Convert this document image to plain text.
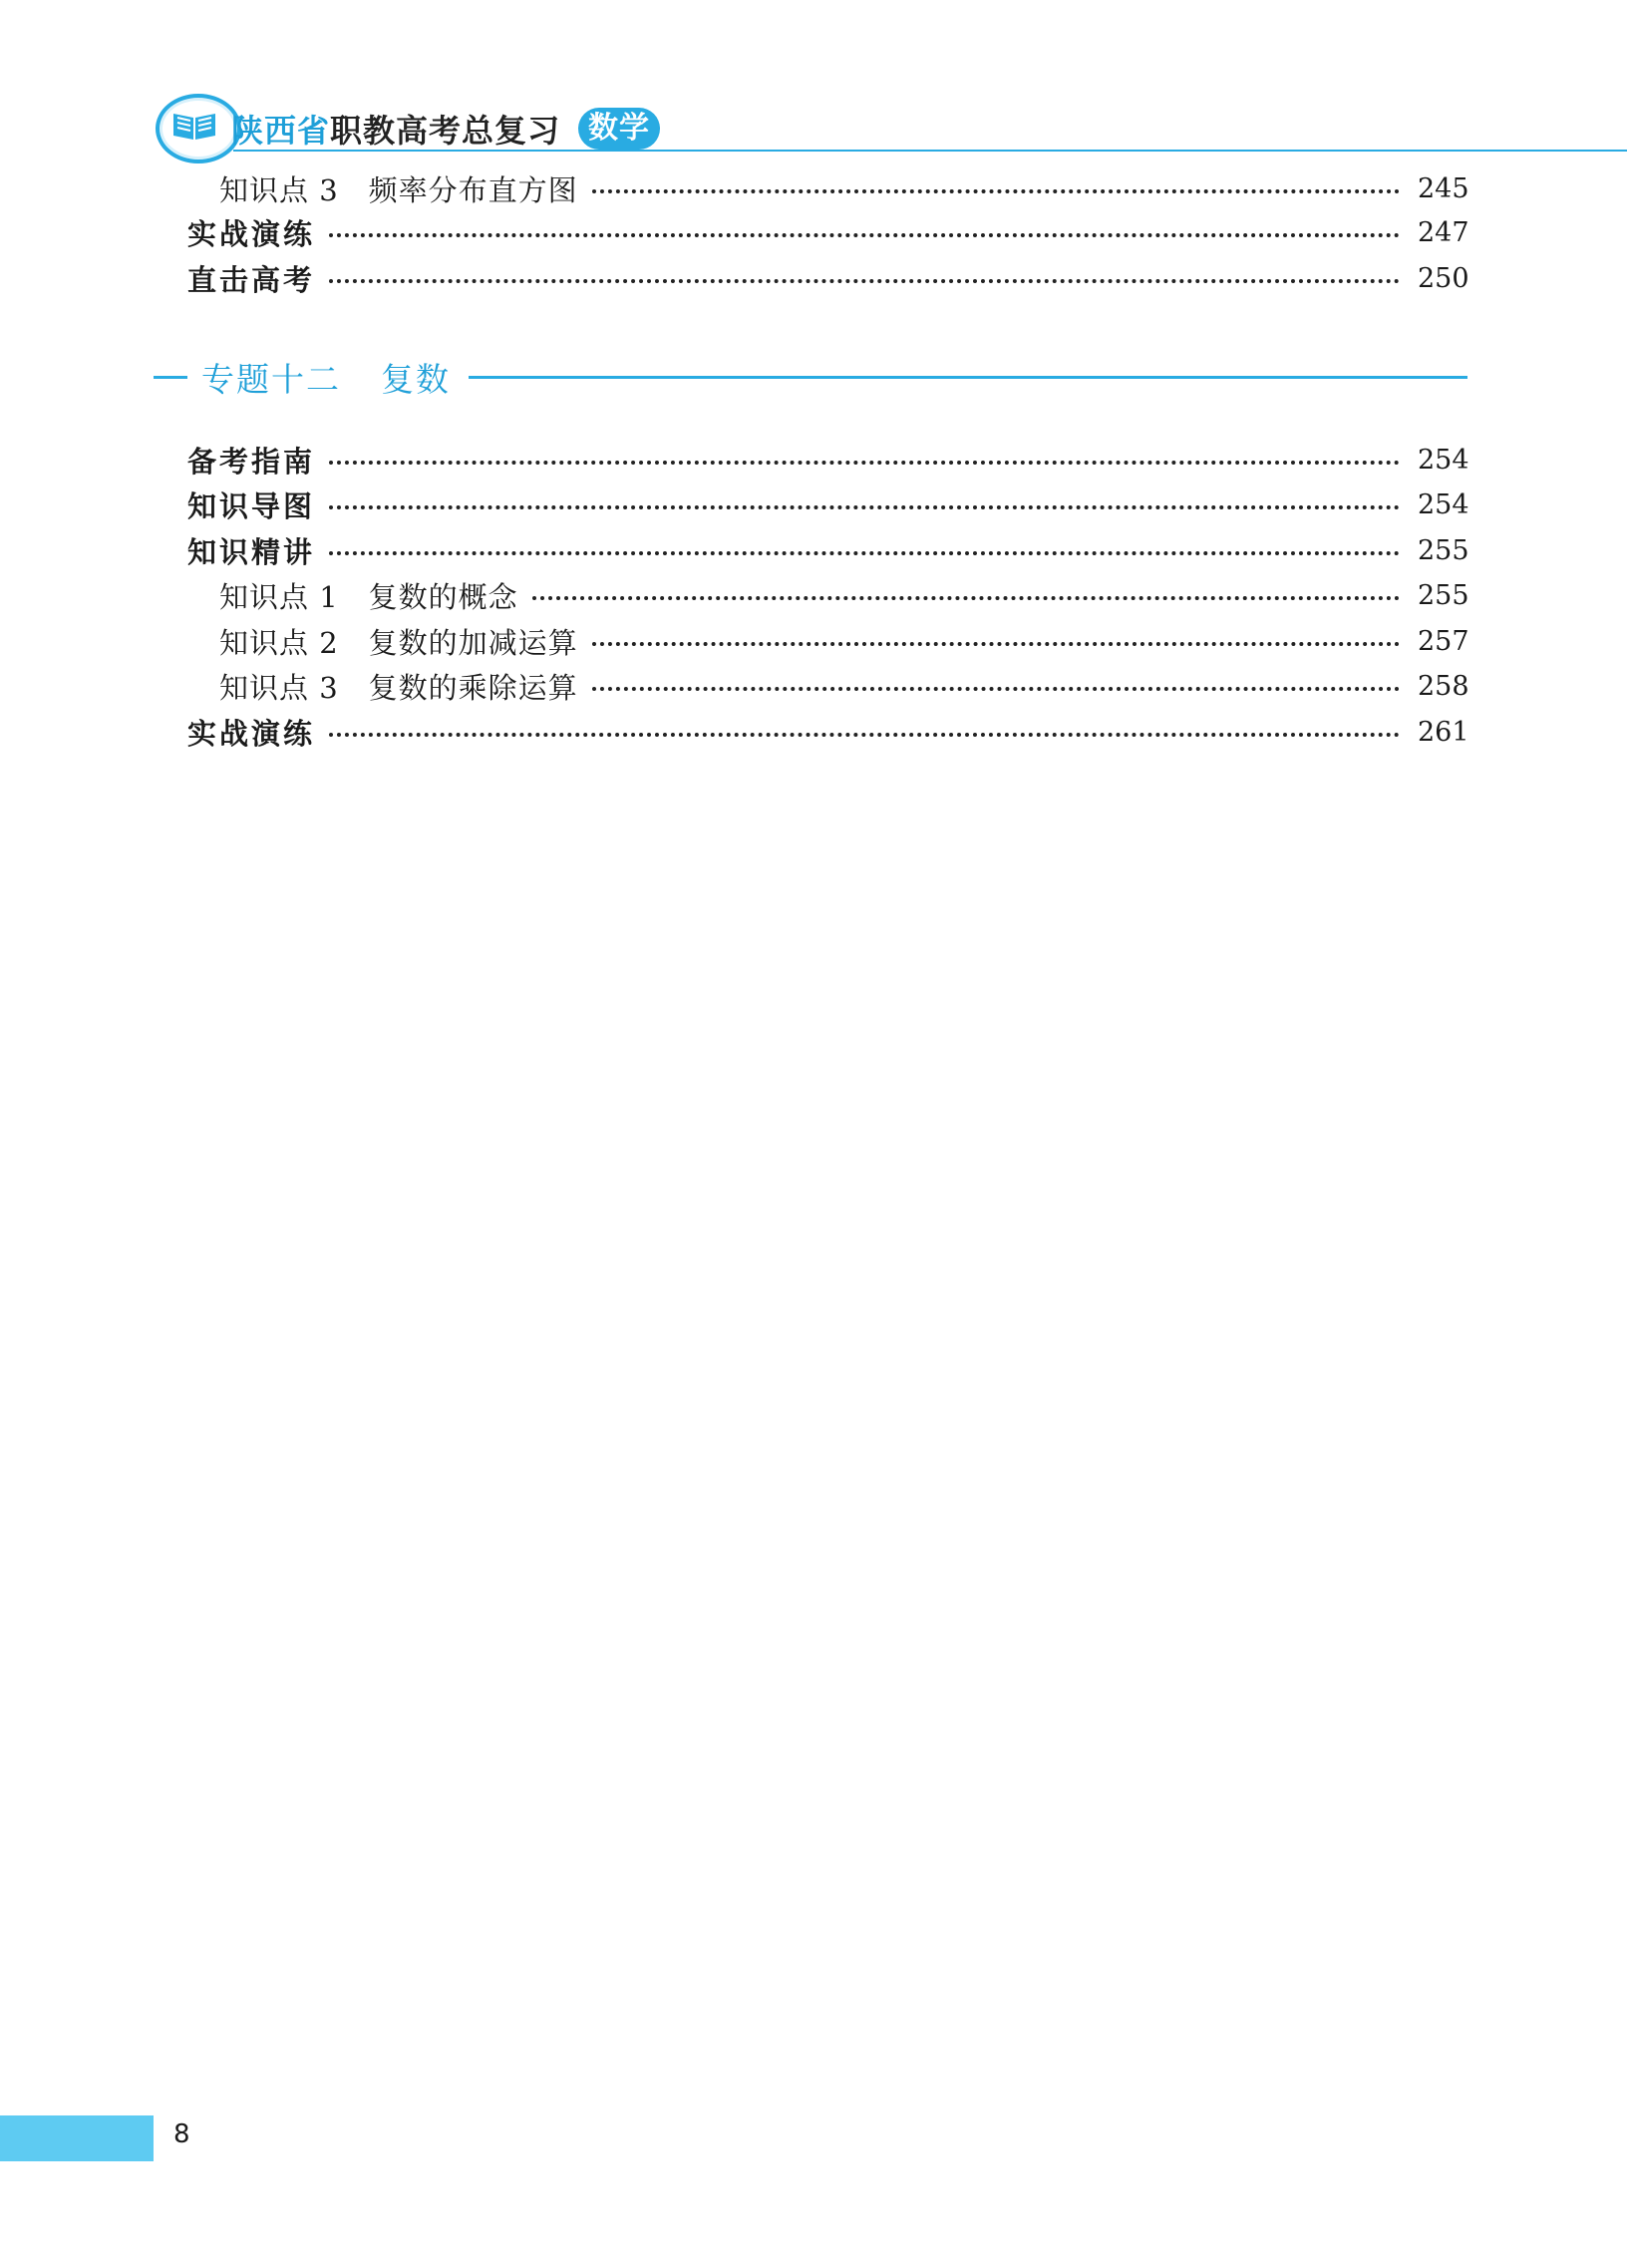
陕西省职教高考总复习 数学
知识点 3　频率分布直方图	245
实战演练	247
直击高考	250
专题十二 复数
备考指南	254
知识导图	254
知识精讲	255
知识点 1　复数的概念	255
知识点 2　复数的加减运算	257
知识点 3　复数的乘除运算	258
实战演练	261
8
